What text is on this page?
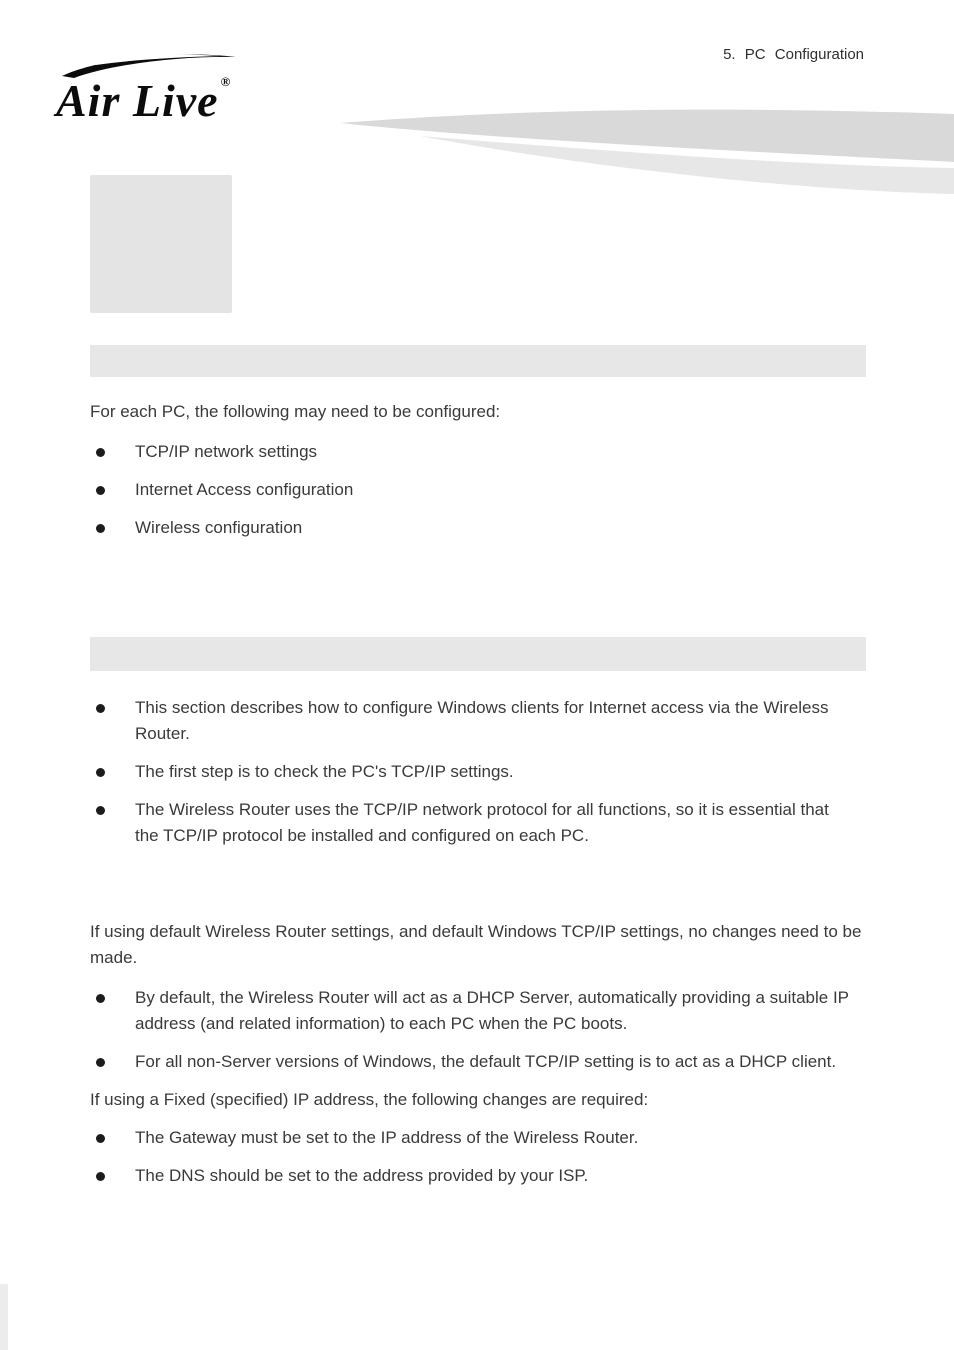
5. PC Configuration
Air Live ®

For each PC, the following may need to be configured:

TCP/IP network settings
Internet Access configuration
Wireless configuration
This section describes how to configure Windows clients for Internet access via the Wireless Router.
The first step is to check the PC's TCP/IP settings.
The Wireless Router uses the TCP/IP network protocol for all functions, so it is essential that the TCP/IP protocol be installed and configured on each PC.

If using default Wireless Router settings, and default Windows TCP/IP settings, no changes need to be made.

By default, the Wireless Router will act as a DHCP Server, automatically providing a suitable IP address (and related information) to each PC when the PC boots.
For all non-Server versions of Windows, the default TCP/IP setting is to act as a DHCP client.

If using a Fixed (specified) IP address, the following changes are required:

The Gateway must be set to the IP address of the Wireless Router.
The DNS should be set to the address provided by your ISP.
